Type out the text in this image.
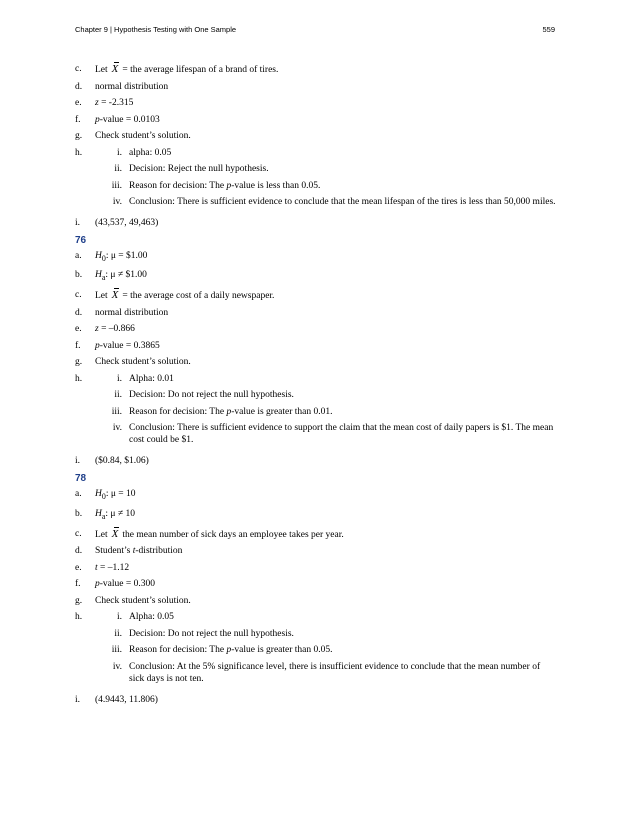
Chapter 9 | Hypothesis Testing with One Sample	559
c.	Let X = the average lifespan of a brand of tires.
d.	normal distribution
e.	z = -2.315
f.	p-value = 0.0103
g.	Check student’s solution.
h.	i. alpha: 0.05
ii. Decision: Reject the null hypothesis.
iii. Reason for decision: The p-value is less than 0.05.
iv. Conclusion: There is sufficient evidence to conclude that the mean lifespan of the tires is less than 50,000 miles.
i.	(43,537, 49,463)
76
a.	$H_0$: μ = $1.00
b.	$H_a$: μ ≠ $1.00
c.	Let X = the average cost of a daily newspaper.
d.	normal distribution
e.	z = –0.866
f.	p-value = 0.3865
g.	Check student’s solution.
h.	i. Alpha: 0.01
ii. Decision: Do not reject the null hypothesis.
iii. Reason for decision: The p-value is greater than 0.01.
iv. Conclusion: There is sufficient evidence to support the claim that the mean cost of daily papers is $1. The mean cost could be $1.
i.	($0.84, $1.06)
78
a.	$H_0$: μ = 10
b.	$H_a$: μ ≠ 10
c.	Let X the mean number of sick days an employee takes per year.
d.	Student’s t-distribution
e.	t = –1.12
f.	p-value = 0.300
g.	Check student’s solution.
h.	i. Alpha: 0.05
ii. Decision: Do not reject the null hypothesis.
iii. Reason for decision: The p-value is greater than 0.05.
iv. Conclusion: At the 5% significance level, there is insufficient evidence to conclude that the mean number of sick days is not ten.
i.	(4.9443, 11.806)
